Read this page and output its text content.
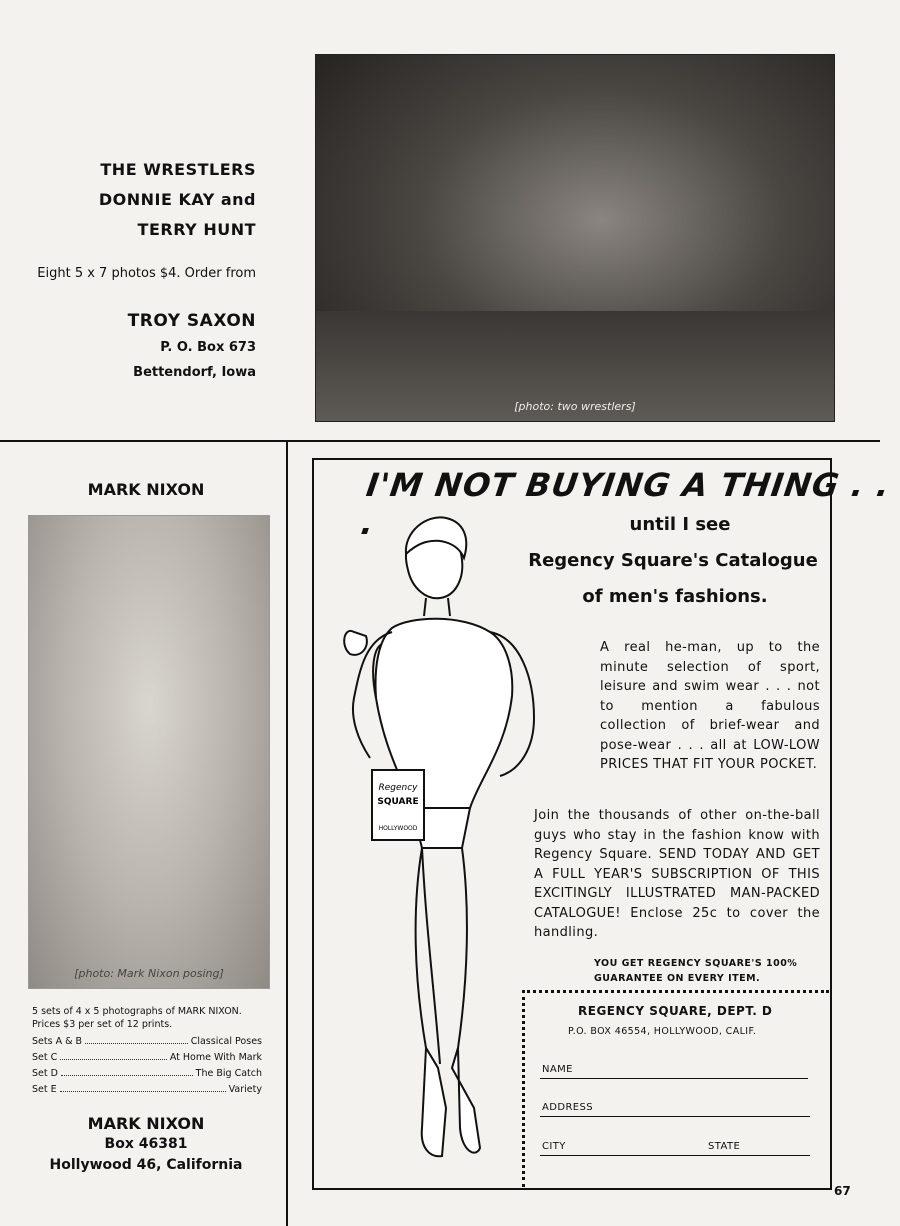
THE WRESTLERS
DONNIE KAY and
TERRY HUNT
Eight 5 x 7 photos $4. Order from
TROY SAXON
P. O. Box 673
Bettendorf, Iowa
[photo: two wrestlers]
MARK NIXON
[photo: Mark Nixon posing]
5 sets of 4 x 5 photographs of MARK NIXON.
Prices $3 per set of 12 prints.
Sets A & B	Classical Poses
Set C	At Home With Mark
Set D	The Big Catch
Set E	Variety
MARK NIXON
Box 46381
Hollywood 46, California
I'M NOT BUYING A THING . . .
Regency
SQUARE
HOLLYWOOD
until I see
Regency Square's Catalogue
of men's fashions.
A real he-man, up to the minute selection of sport, leisure and swim wear . . . not to mention a fabulous collection of brief-wear and pose-wear . . . all at LOW-LOW PRICES THAT FIT YOUR POCKET.
Join the thousands of other on-the-ball guys who stay in the fashion know with Regency Square. SEND TODAY AND GET A FULL YEAR'S SUBSCRIPTION OF THIS EXCITINGLY ILLUSTRATED MAN-PACKED CATALOGUE! Enclose 25c to cover the handling.
YOU GET REGENCY SQUARE'S 100%
GUARANTEE ON EVERY ITEM.
REGENCY SQUARE, DEPT. D
P.O. BOX 46554, HOLLYWOOD, CALIF.
NAME
ADDRESS
CITY	STATE
67
